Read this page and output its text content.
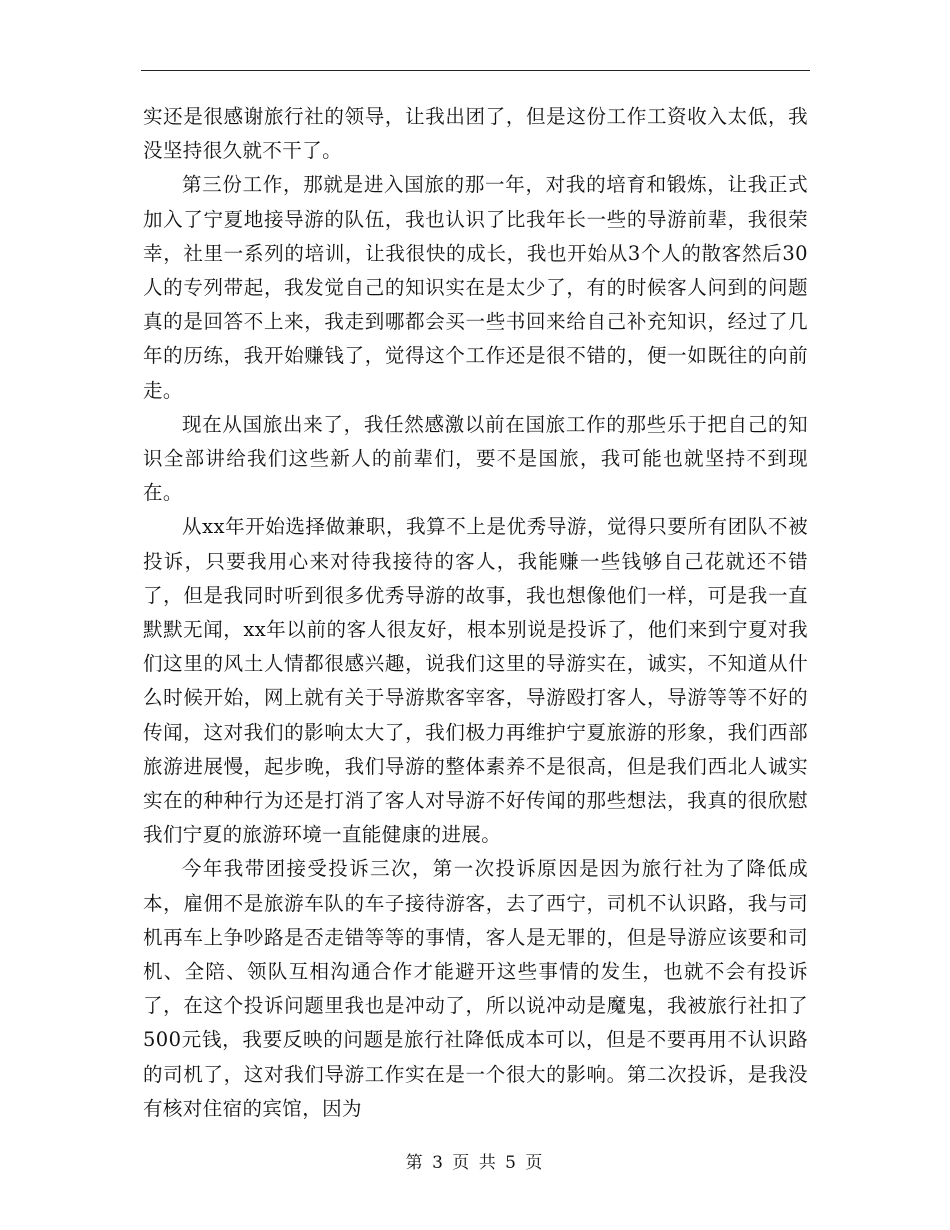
实还是很感谢旅行社的领导，让我出团了，但是这份工作工资收入太低，我没坚持很久就不干了。

第三份工作，那就是进入国旅的那一年，对我的培育和锻炼，让我正式加入了宁夏地接导游的队伍，我也认识了比我年长一些的导游前辈，我很荣幸，社里一系列的培训，让我很快的成长，我也开始从3个人的散客然后30人的专列带起，我发觉自己的知识实在是太少了，有的时候客人问到的问题真的是回答不上来，我走到哪都会买一些书回来给自己补充知识，经过了几年的历练，我开始赚钱了，觉得这个工作还是很不错的，便一如既往的向前走。

现在从国旅出来了，我任然感激以前在国旅工作的那些乐于把自己的知识全部讲给我们这些新人的前辈们，要不是国旅，我可能也就坚持不到现在。

从xx年开始选择做兼职，我算不上是优秀导游，觉得只要所有团队不被投诉，只要我用心来对待我接待的客人，我能赚一些钱够自己花就还不错了，但是我同时听到很多优秀导游的故事，我也想像他们一样，可是我一直默默无闻，xx年以前的客人很友好，根本别说是投诉了，他们来到宁夏对我们这里的风土人情都很感兴趣，说我们这里的导游实在，诚实，不知道从什么时候开始，网上就有关于导游欺客宰客，导游殴打客人，导游等等不好的传闻，这对我们的影响太大了，我们极力再维护宁夏旅游的形象，我们西部旅游进展慢，起步晚，我们导游的整体素养不是很高，但是我们西北人诚实实在的种种行为还是打消了客人对导游不好传闻的那些想法，我真的很欣慰我们宁夏的旅游环境一直能健康的进展。

今年我带团接受投诉三次，第一次投诉原因是因为旅行社为了降低成本，雇佣不是旅游车队的车子接待游客，去了西宁，司机不认识路，我与司机再车上争吵路是否走错等等的事情，客人是无罪的，但是导游应该要和司机、全陪、领队互相沟通合作才能避开这些事情的发生，也就不会有投诉了，在这个投诉问题里我也是冲动了，所以说冲动是魔鬼，我被旅行社扣了500元钱，我要反映的问题是旅行社降低成本可以，但是不要再用不认识路的司机了，这对我们导游工作实在是一个很大的影响。第二次投诉，是我没有核对住宿的宾馆，因为

第 3 页 共 5 页
